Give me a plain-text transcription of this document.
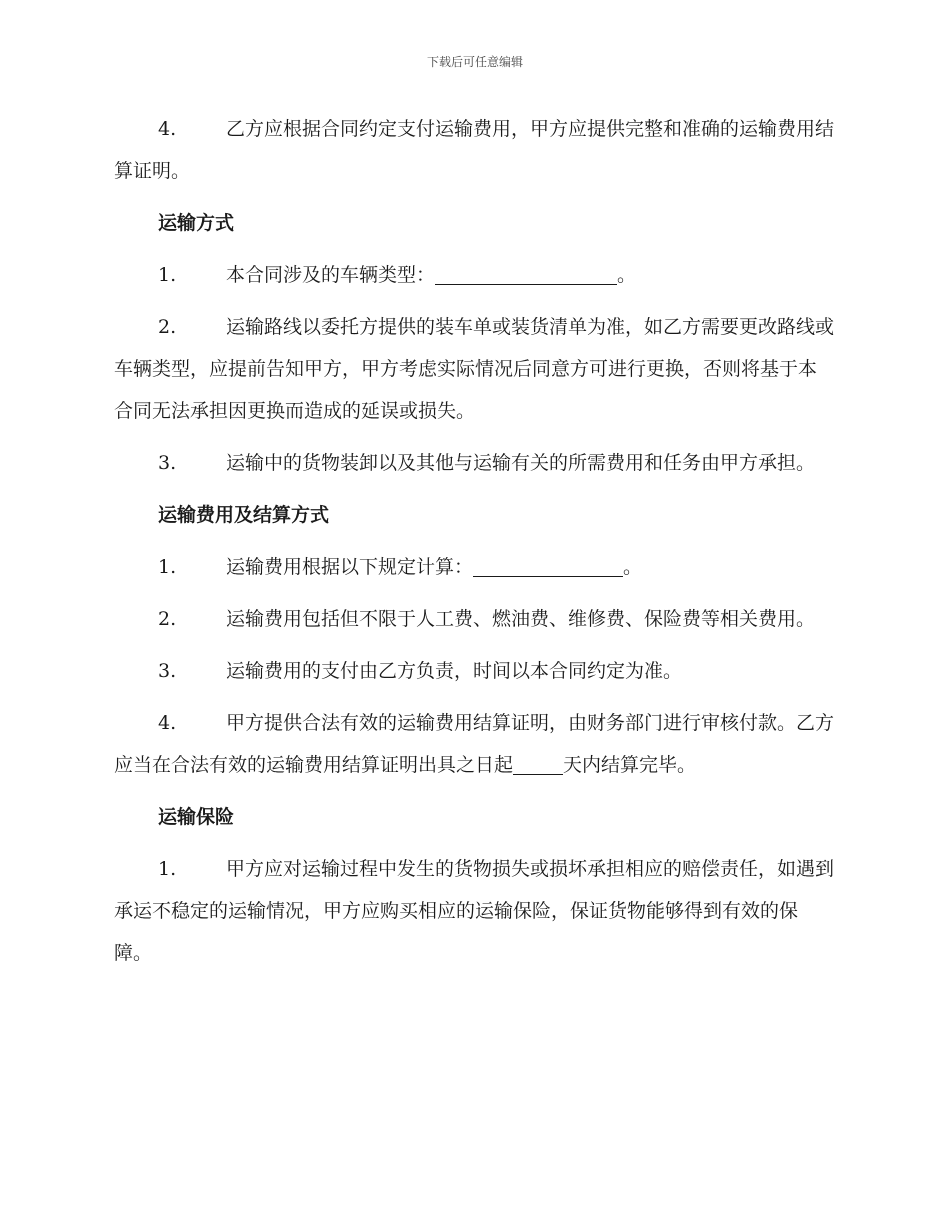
下载后可任意编辑

4.	乙方应根据合同约定支付运输费用，甲方应提供完整和准确的运输费用结算证明。

运输方式

1.	本合同涉及的车辆类型：	。

2.	运输路线以委托方提供的装车单或装货清单为准，如乙方需要更改路线或车辆类型，应提前告知甲方，甲方考虑实际情况后同意方可进行更换，否则将基于本合同无法承担因更换而造成的延误或损失。

3.	运输中的货物装卸以及其他与运输有关的所需费用和任务由甲方承担。

运输费用及结算方式

1.	运输费用根据以下规定计算：	。

2.	运输费用包括但不限于人工费、燃油费、维修费、保险费等相关费用。

3.	运输费用的支付由乙方负责，时间以本合同约定为准。

4.	甲方提供合法有效的运输费用结算证明，由财务部门进行审核付款。乙方应当在合法有效的运输费用结算证明出具之日起	天内结算完毕。

运输保险

1.	甲方应对运输过程中发生的货物损失或损坏承担相应的赔偿责任，如遇到承运不稳定的运输情况，甲方应购买相应的运输保险，保证货物能够得到有效的保障。
